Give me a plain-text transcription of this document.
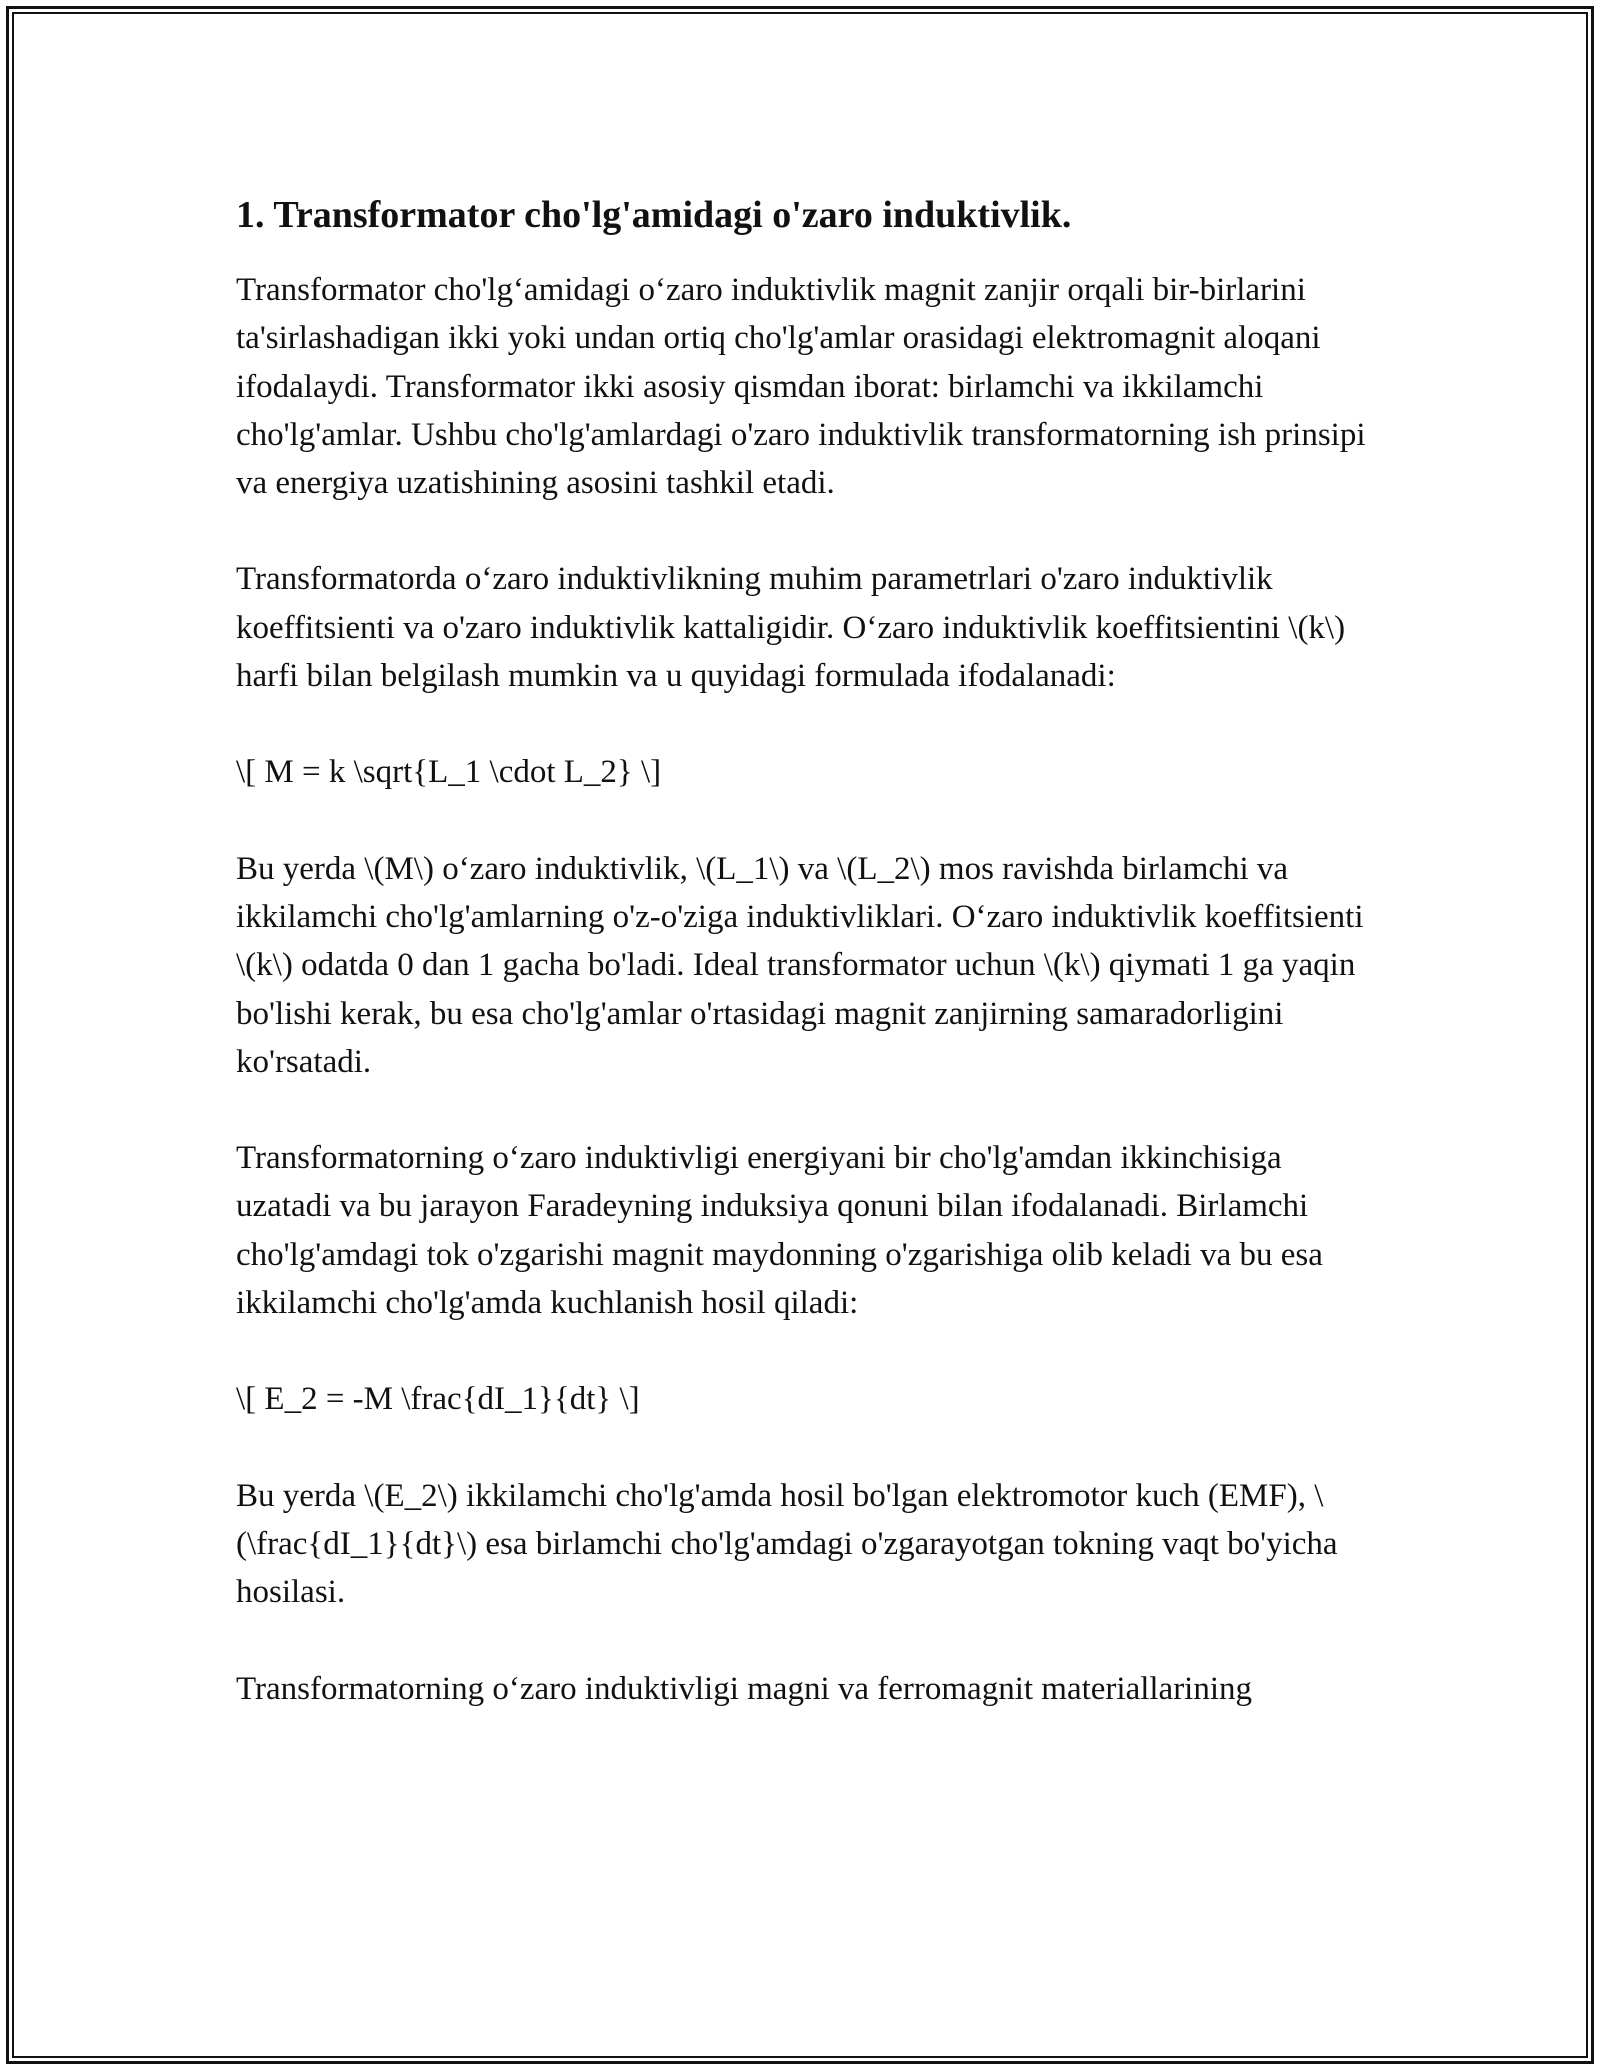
1. Transformator cho'lg'amidagi o'zaro induktivlik.

Transformator cho'lg‘amidagi o‘zaro induktivlik magnit zanjir orqali bir-birlarini ta'sirlashadigan ikki yoki undan ortiq cho'lg'amlar orasidagi elektromagnit aloqani ifodalaydi. Transformator ikki asosiy qismdan iborat: birlamchi va ikkilamchi cho'lg'amlar. Ushbu cho'lg'amlardagi o'zaro induktivlik transformatorning ish prinsipi va energiya uzatishining asosini tashkil etadi.

Transformatorda o‘zaro induktivlikning muhim parametrlari o'zaro induktivlik koeffitsienti va o'zaro induktivlik kattaligidir. O‘zaro induktivlik koeffitsientini \(k\) harfi bilan belgilash mumkin va u quyidagi formulada ifodalanadi:

\[ M = k \sqrt{L_1 \cdot L_2} \]

Bu yerda \(M\) o‘zaro induktivlik, \(L_1\) va \(L_2\) mos ravishda birlamchi va ikkilamchi cho'lg'amlarning o'z-o'ziga induktivliklari. O‘zaro induktivlik koeffitsienti \(k\) odatda 0 dan 1 gacha bo'ladi. Ideal transformator uchun \(k\) qiymati 1 ga yaqin bo'lishi kerak, bu esa cho'lg'amlar o'rtasidagi magnit zanjirning samaradorligini ko'rsatadi.

Transformatorning o‘zaro induktivligi energiyani bir cho'lg'amdan ikkinchisiga uzatadi va bu jarayon Faradeyning induksiya qonuni bilan ifodalanadi. Birlamchi cho'lg'amdagi tok o'zgarishi magnit maydonning o'zgarishiga olib keladi va bu esa ikkilamchi cho'lg'amda kuchlanish hosil qiladi:

\[ E_2 = -M \frac{dI_1}{dt} \]

Bu yerda \(E_2\) ikkilamchi cho'lg'amda hosil bo'lgan elektromotor kuch (EMF), \(\frac{dI_1}{dt}\) esa birlamchi cho'lg'amdagi o'zgarayotgan tokning vaqt bo'yicha hosilasi.

Transformatorning o‘zaro induktivligi magni va ferromagnit materiallarining
